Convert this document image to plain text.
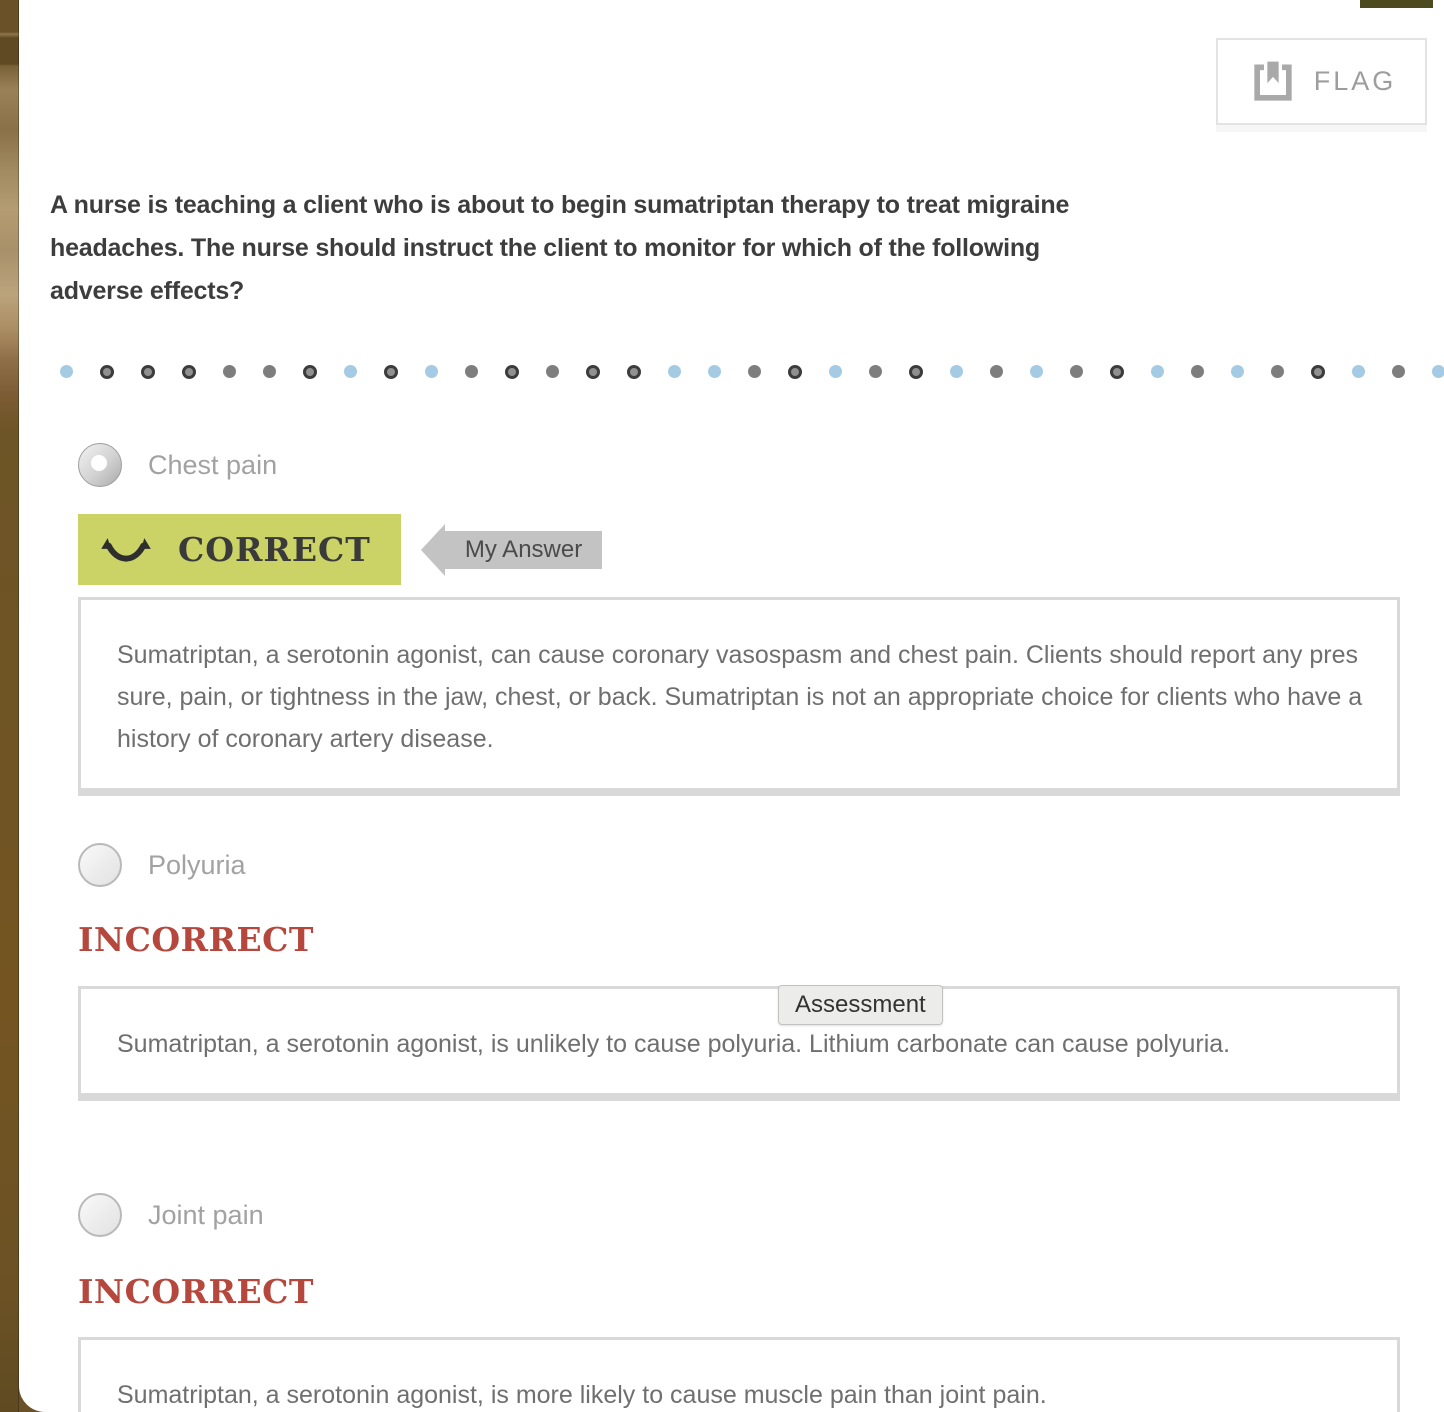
FLAG
A nurse is teaching a client who is about to begin sumatriptan therapy to treat migraine headaches. The nurse should instruct the client to monitor for which of the following adverse effects?
Chest pain
CORRECT	My Answer
Sumatriptan, a serotonin agonist, can cause coronary vasospasm and chest pain. Clients should report any pressure, pain, or tightness in the jaw, chest, or back. Sumatriptan is not an appropriate choice for clients who have a history of coronary artery disease.
Polyuria
INCORRECT
Assessment
Sumatriptan, a serotonin agonist, is unlikely to cause polyuria. Lithium carbonate can cause polyuria.
Joint pain
INCORRECT
Sumatriptan, a serotonin agonist, is more likely to cause muscle pain than joint pain.
